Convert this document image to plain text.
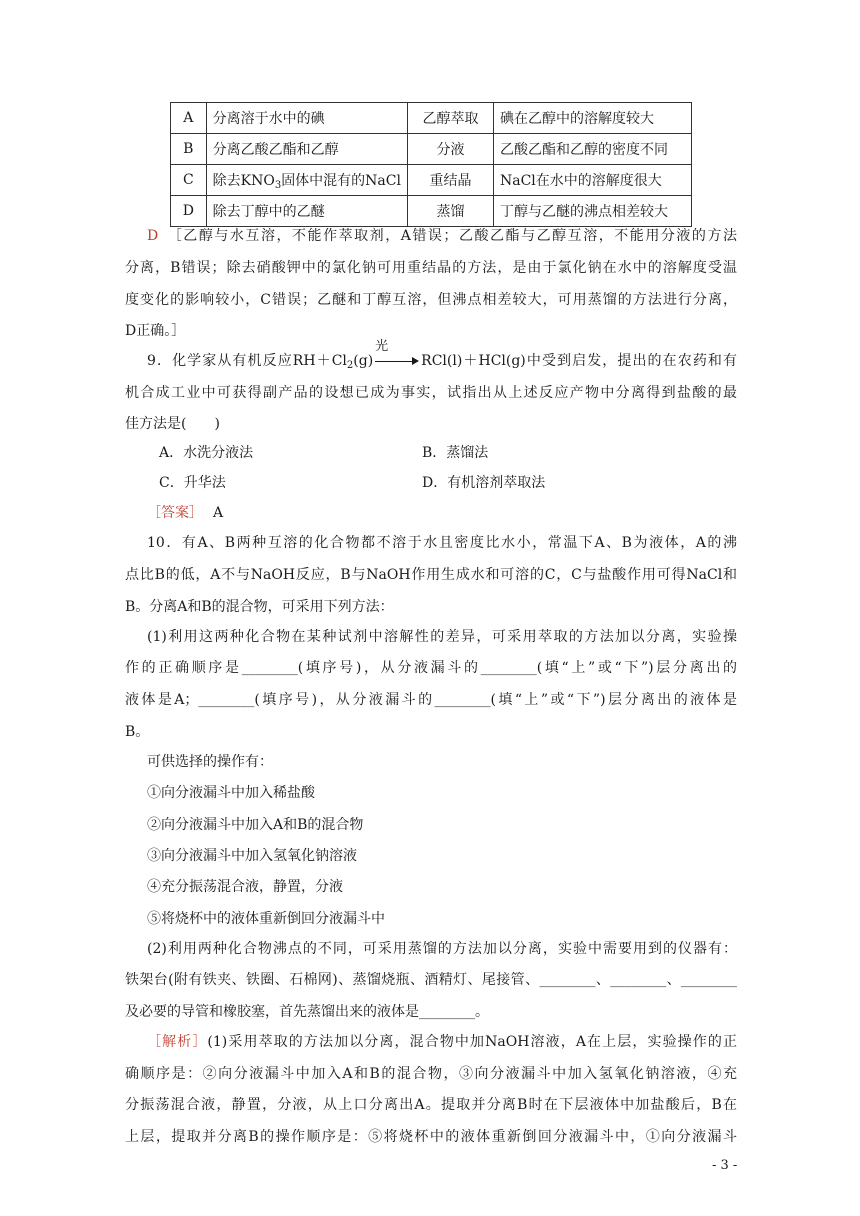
A	分离溶于水中的碘	乙醇萃取	碘在乙醇中的溶解度较大
B	分离乙酸乙酯和乙醇	分液	乙酸乙酯和乙醇的密度不同
C	除去$KNO_3$固体中混有的NaCl	重结晶	NaCl在水中的溶解度很大
D	除去丁醇中的乙醚	蒸馏	丁醇与乙醚的沸点相差较大
D ［乙醇与水互溶，不能作萃取剂，A错误；乙酸乙酯与乙醇互溶，不能用分液的方法
分离，B错误；除去硝酸钾中的氯化钠可用重结晶的方法，是由于氯化钠在水中的溶解度受温
度变化的影响较小，C错误；乙醚和丁醇互溶，但沸点相差较大，可用蒸馏的方法进行分离，
D正确。］
9．化学家从有机反应$RH+Cl_2(g)$
光
RCl(l)＋HCl(g)中受到启发，提出的在农药和有
机合成工业中可获得副产品的设想已成为事实，试指出从上述反应产物中分离得到盐酸的最
佳方法是(　　)
A．水洗分液法	B．蒸馏法
C．升华法	D．有机溶剂萃取法
［答案］ A
10．有A、B两种互溶的化合物都不溶于水且密度比水小，常温下A、B为液体，A的沸
点比B的低，A不与NaOH反应，B与NaOH作用生成水和可溶的C，C与盐酸作用可得NaCl和
B。分离A和B的混合物，可采用下列方法：
(1)利用这两种化合物在某种试剂中溶解性的差异，可采用萃取的方法加以分离，实验操
作的正确顺序是________(填序号)，从分液漏斗的________(填“上”或“下”)层分离出的
液体是A；________(填序号)，从分液漏斗的________(填“上”或“下”)层分离出的液体是
B。
可供选择的操作有：
①向分液漏斗中加入稀盐酸
②向分液漏斗中加入A和B的混合物
③向分液漏斗中加入氢氧化钠溶液
④充分振荡混合液，静置，分液
⑤将烧杯中的液体重新倒回分液漏斗中
(2)利用两种化合物沸点的不同，可采用蒸馏的方法加以分离，实验中需要用到的仪器有：
铁架台(附有铁夹、铁圈、石棉网)、蒸馏烧瓶、酒精灯、尾接管、________、________、________
及必要的导管和橡胶塞，首先蒸馏出来的液体是________。
［解析］(1)采用萃取的方法加以分离，混合物中加NaOH溶液，A在上层，实验操作的正
确顺序是：②向分液漏斗中加入A和B的混合物，③向分液漏斗中加入氢氧化钠溶液，④充
分振荡混合液，静置，分液，从上口分离出A。提取并分离B时在下层液体中加盐酸后，B在
上层，提取并分离B的操作顺序是：⑤将烧杯中的液体重新倒回分液漏斗中，①向分液漏斗
- 3 -
